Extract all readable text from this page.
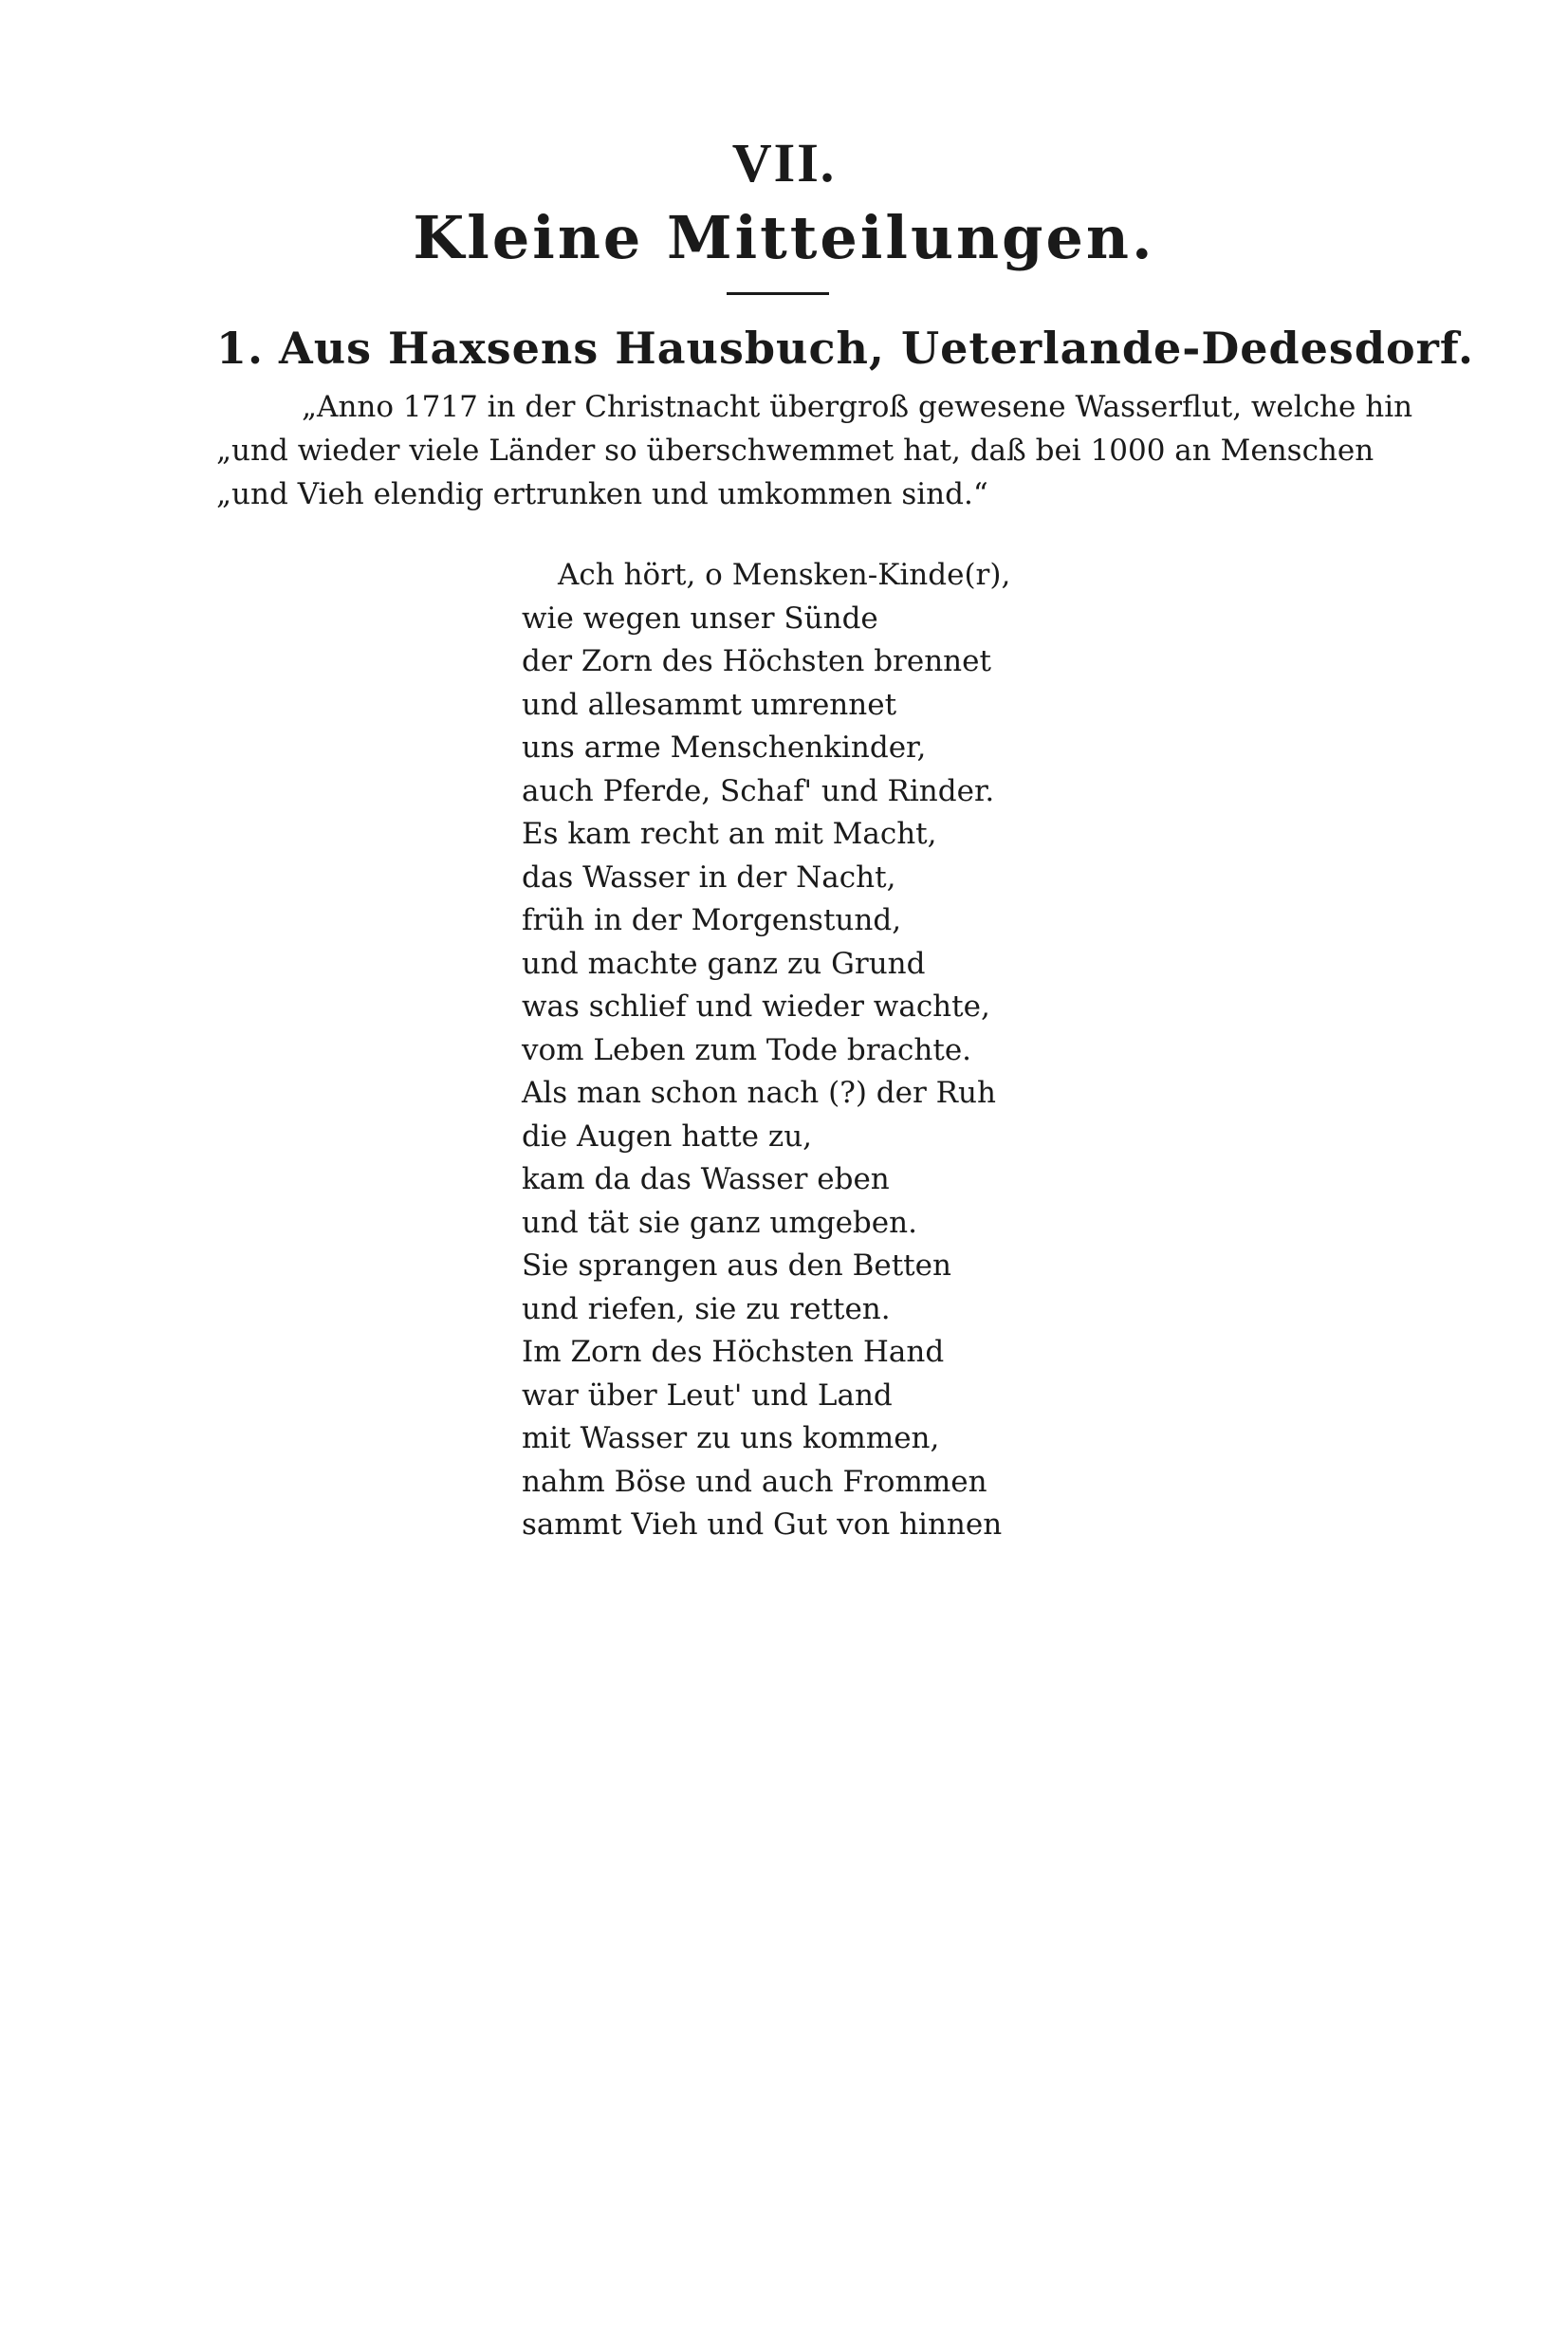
VII.
Kleine Mitteilungen.
1. Aus Haxsens Hausbuch, Ueterlande-Dedesdorf.
„Anno 1717 in der Christnacht übergroß gewesene Wasserflut, welche hin
„und wieder viele Länder so überschwemmet hat, daß bei 1000 an Menschen
„und Vieh elendig ertrunken und umkommen sind.“
Ach hört, o Mensken-Kinde(r),
wie wegen unser Sünde
der Zorn des Höchsten brennet
und allesammt umrennet
uns arme Menschenkinder,
auch Pferde, Schaf' und Rinder.
Es kam recht an mit Macht,
das Wasser in der Nacht,
früh in der Morgenstund,
und machte ganz zu Grund
was schlief und wieder wachte,
vom Leben zum Tode brachte.
Als man schon nach (?) der Ruh
die Augen hatte zu,
kam da das Wasser eben
und tät sie ganz umgeben.
Sie sprangen aus den Betten
und riefen, sie zu retten.
Im Zorn des Höchsten Hand
war über Leut' und Land
mit Wasser zu uns kommen,
nahm Böse und auch Frommen
sammt Vieh und Gut von hinnen
